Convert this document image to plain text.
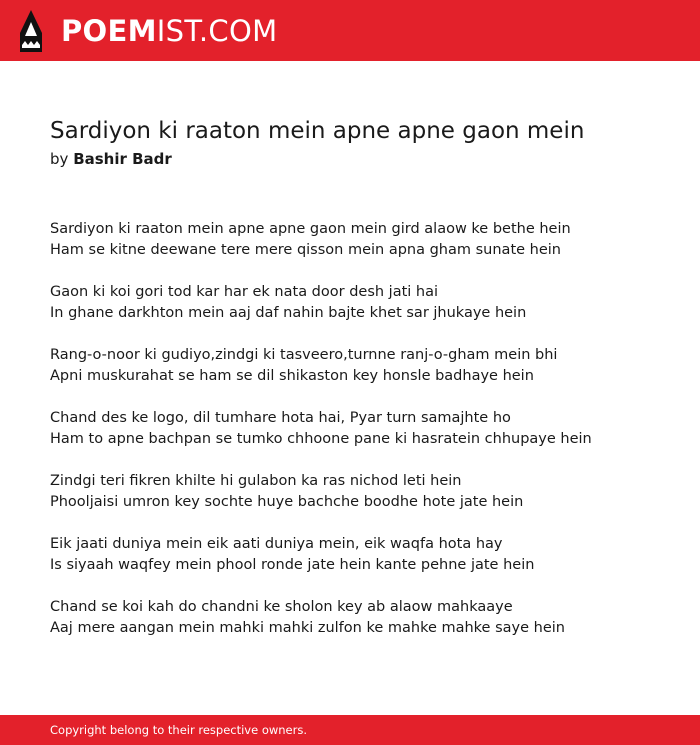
POEMIST.COM
Sardiyon ki raaton mein apne apne gaon mein
by Bashir Badr
Sardiyon ki raaton mein apne apne gaon mein gird alaow ke bethe hein
Ham se kitne deewane tere mere qisson mein apna gham sunate hein
Gaon ki koi gori tod kar har ek nata door desh jati hai
In ghane darkhton mein aaj daf nahin bajte khet sar jhukaye hein
Rang-o-noor ki gudiyo,zindgi ki tasveero,turnne ranj-o-gham mein bhi
Apni muskurahat se ham se dil shikaston key honsle badhaye hein
Chand des ke logo, dil tumhare hota hai, Pyar turn samajhte ho
Ham to apne bachpan se tumko chhoone pane ki hasratein chhupaye hein
Zindgi teri fikren khilte hi gulabon ka ras nichod leti hein
Phooljaisi umron key sochte huye bachche boodhe hote jate hein
Eik jaati duniya mein eik aati duniya mein, eik waqfa hota hay
Is siyaah waqfey mein phool ronde jate hein kante pehne jate hein
Chand se koi kah do chandni ke sholon key ab alaow mahkaaye
Aaj mere aangan mein mahki mahki zulfon ke mahke mahke saye hein
Copyright belong to their respective owners.
